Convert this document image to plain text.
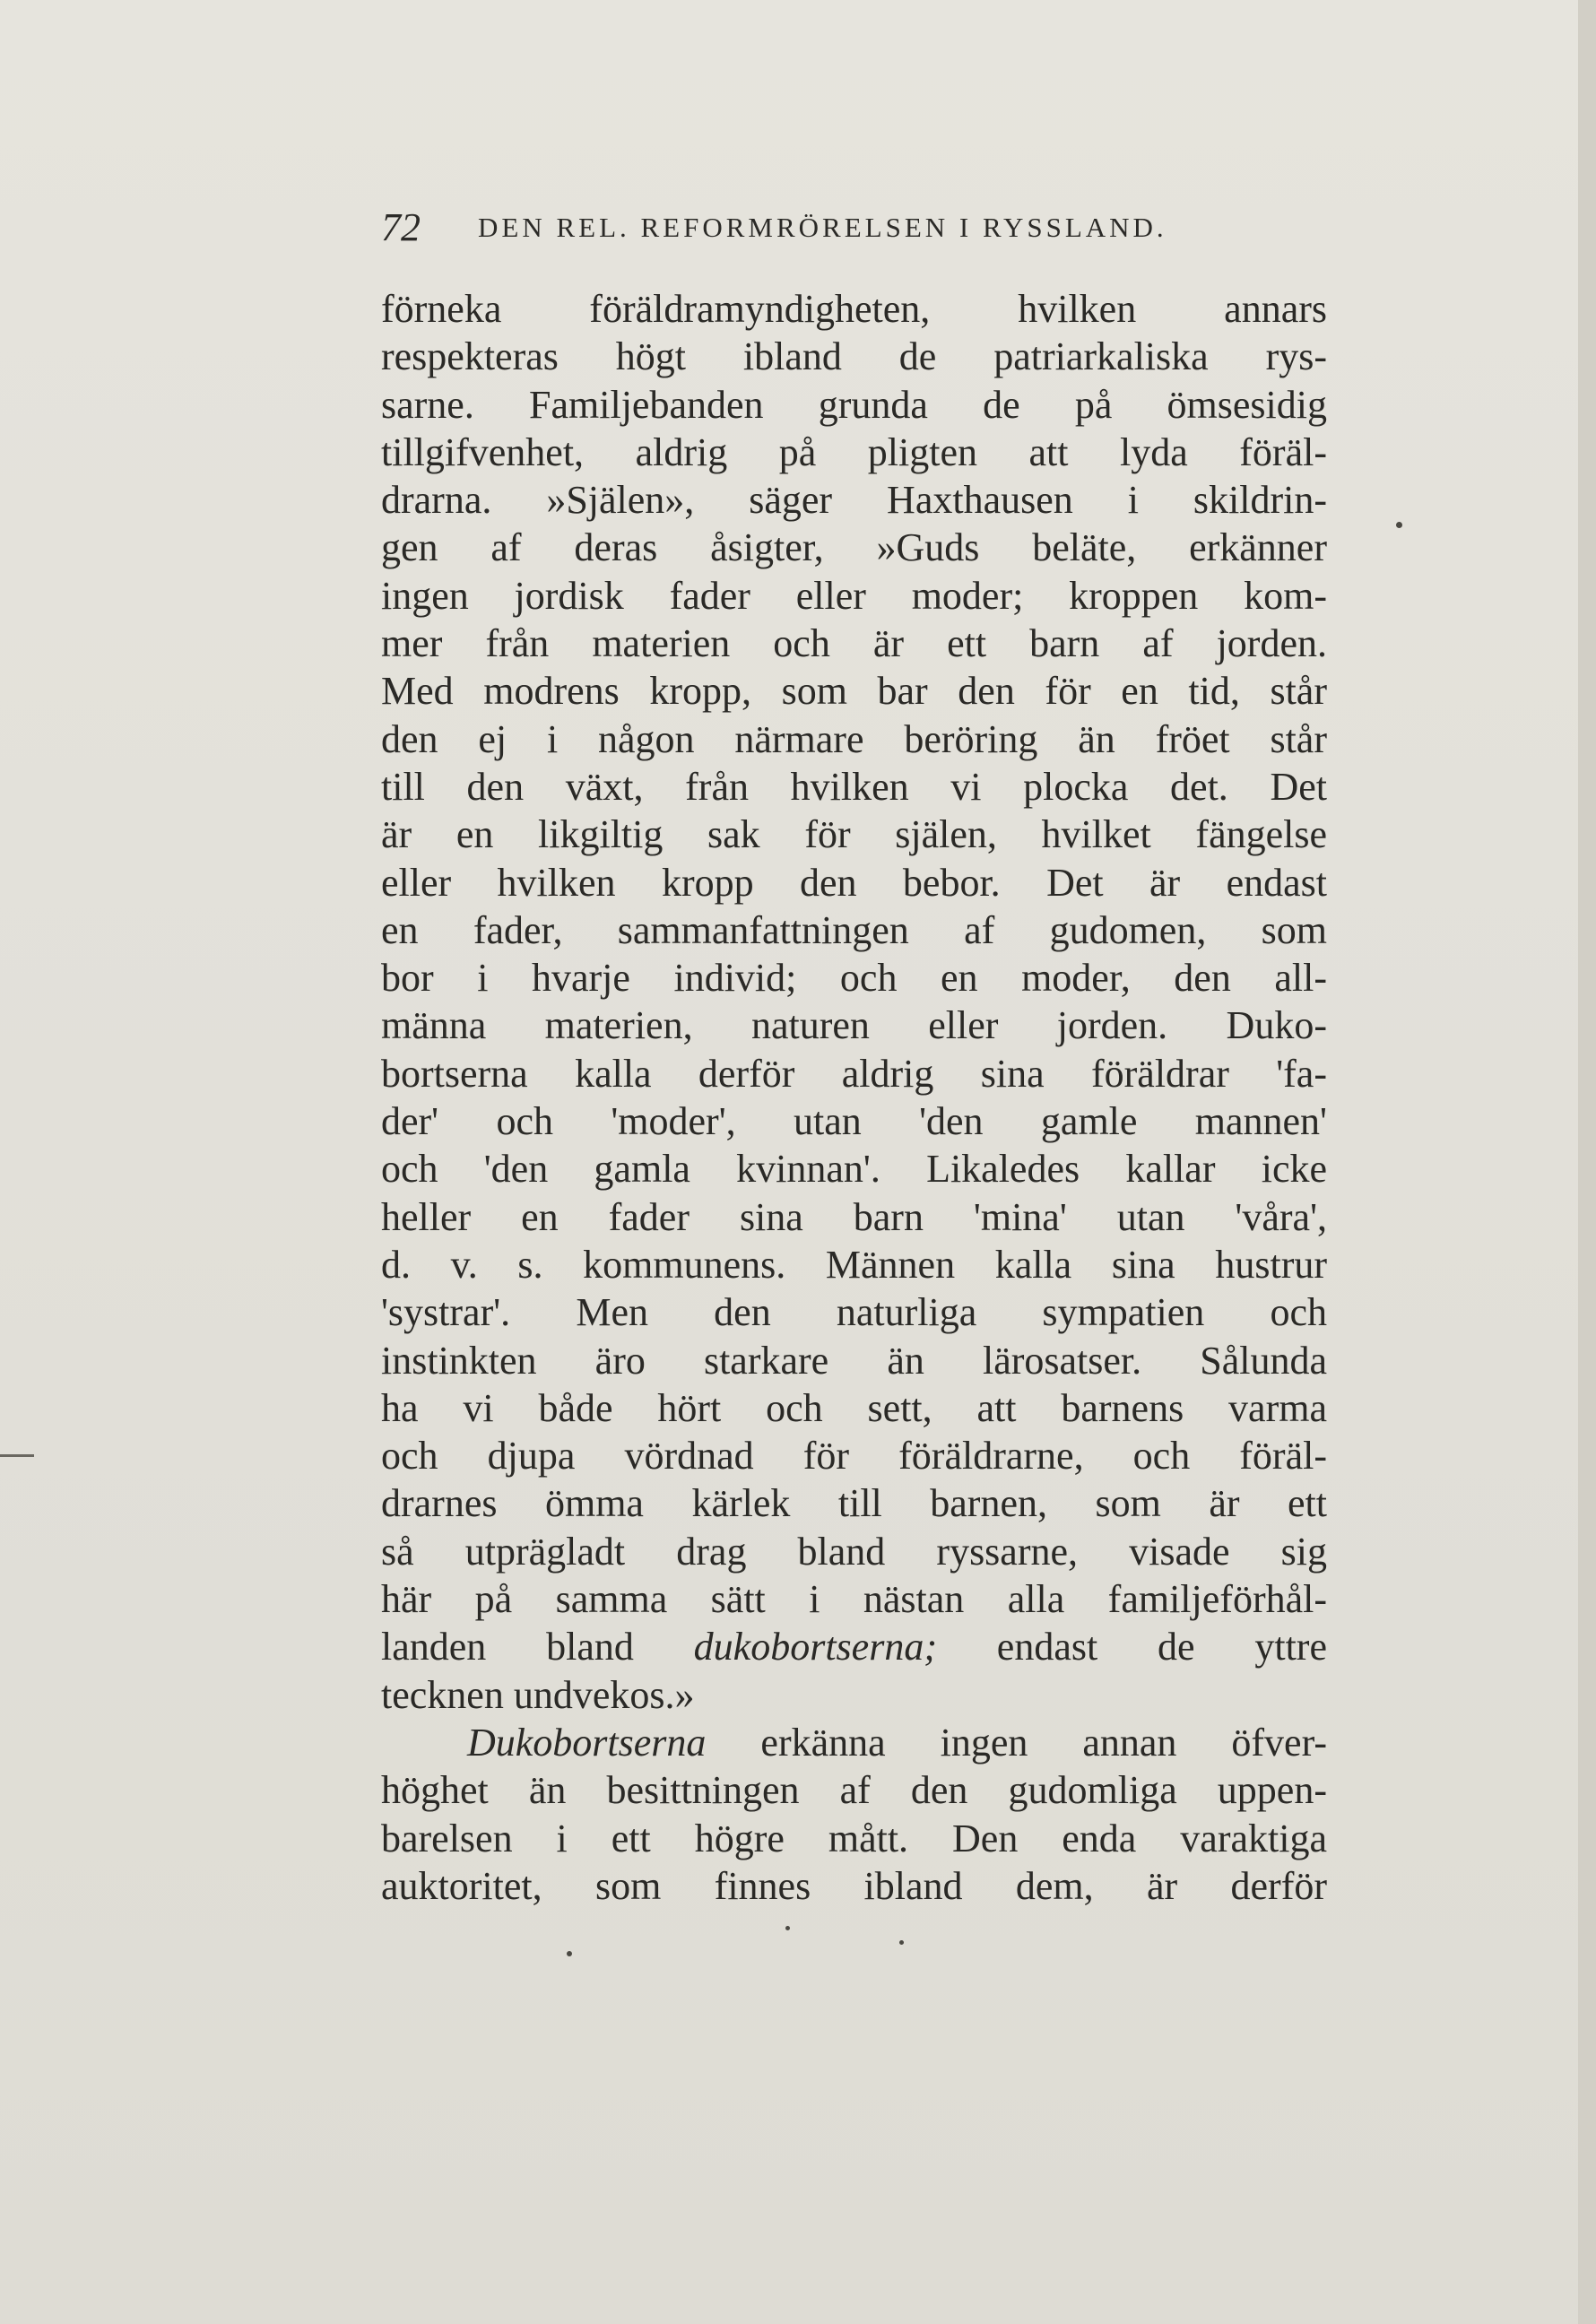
72 DEN REL. REFORMRÖRELSEN I RYSSLAND.
förneka föräldramyndigheten, hvilken annars
respekteras högt ibland de patriarkaliska rys-
sarne. Familjebanden grunda de på ömsesidig
tillgifvenhet, aldrig på pligten att lyda föräl-
drarna. »Själen», säger Haxthausen i skildrin-
gen af deras åsigter, »Guds beläte, erkänner
ingen jordisk fader eller moder; kroppen kom-
mer från materien och är ett barn af jorden.
Med modrens kropp, som bar den för en tid, står
den ej i någon närmare beröring än fröet står
till den växt, från hvilken vi plocka det. Det
är en likgiltig sak för själen, hvilket fängelse
eller hvilken kropp den bebor. Det är endast
en fader, sammanfattningen af gudomen, som
bor i hvarje individ; och en moder, den all-
männa materien, naturen eller jorden. Duko-
bortserna kalla derför aldrig sina föräldrar 'fa-
der' och 'moder', utan 'den gamle mannen'
och 'den gamla kvinnan'. Likaledes kallar icke
heller en fader sina barn 'mina' utan 'våra',
d. v. s. kommunens. Männen kalla sina hustrur
'systrar'. Men den naturliga sympatien och
instinkten äro starkare än lärosatser. Sålunda
ha vi både hört och sett, att barnens varma
och djupa vördnad för föräldrarne, och föräl-
drarnes ömma kärlek till barnen, som är ett
så utprägladt drag bland ryssarne, visade sig
här på samma sätt i nästan alla familjeförhål-
landen bland dukobortserna; endast de yttre
tecknen undvekos.»
Dukobortserna erkänna ingen annan öfver-
höghet än besittningen af den gudomliga uppen-
barelsen i ett högre mått. Den enda varaktiga
auktoritet, som finnes ibland dem, är derför
